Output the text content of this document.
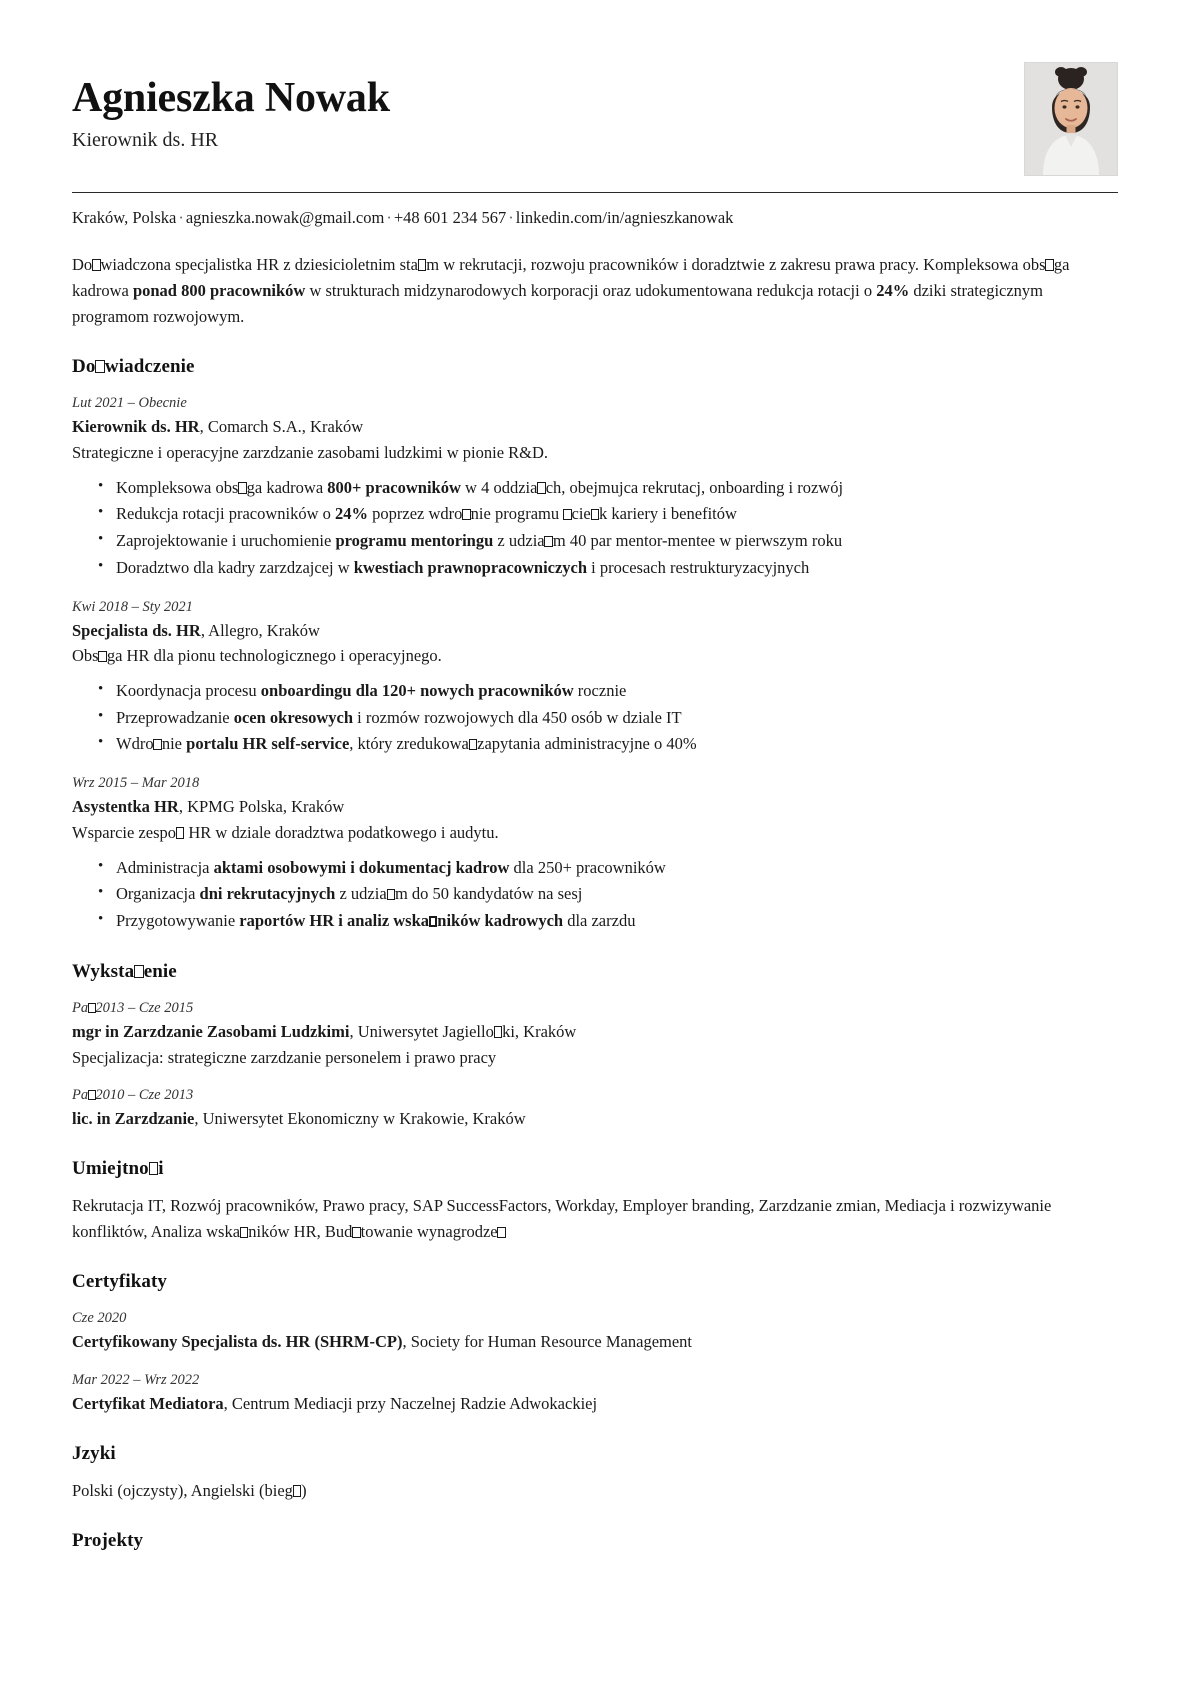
Agnieszka Nowak
Kierownik ds. HR
Kraków, Polska · agnieszka.nowak@gmail.com · +48 601 234 567 · linkedin.com/in/agnieszkanowak
Do wiadczona specjalistka HR z dziesicioletnim sta m w rekrutacji, rozwoju pracowników i doradztwie z zakresu prawa pracy. Kompleksowa obs ga kadrowa ponad 800 pracowników w strukturach midzynarodowych korporacji oraz udokumentowana redukcja rotacji o 24% dziki strategicznym programom rozwojowym.
Do wiadczenie
Lut 2021 – Obecnie
Kierownik ds. HR, Comarch S.A., Kraków
Strategiczne i operacyjne zarzdzanie zasobami ludzkimi w pionie R&D.
• Kompleksowa obs ga kadrowa 800+ pracowników w 4 oddzia ch, obejmujca rekrutacj, onboarding i rozwój
• Redukcja rotacji pracowników o 24% poprzez wdro nie programu cie k kariery i benefitów
• Zaprojektowanie i uruchomienie programu mentoringu z udzia m 40 par mentor-mentee w pierwszym roku
• Doradztwo dla kadry zarzdzajcej w kwestiach prawnopracowniczych i procesach restrukturyzacyjnych
Kwi 2018 – Sty 2021
Specjalista ds. HR, Allegro, Kraków
Obs ga HR dla pionu technologicznego i operacyjnego.
• Koordynacja procesu onboardingu dla 120+ nowych pracowników rocznie
• Przeprowadzanie ocen okresowych i rozmów rozwojowych dla 450 osób w dziale IT
• Wdro nie portalu HR self-service, który zredukowa zapytania administracyjne o 40%
Wrz 2015 – Mar 2018
Asystentka HR, KPMG Polska, Kraków
Wsparcie zespo HR w dziale doradztwa podatkowego i audytu.
• Administracja aktami osobowymi i dokumentacj kadrow dla 250+ pracowników
• Organizacja dni rekrutacyjnych z udzia m do 50 kandydatów na sesj
• Przygotowywanie raportów HR i analiz wska ników kadrowych dla zarzdu
Wyksta enie
Pa 2013 – Cze 2015
mgr in Zarzdzanie Zasobami Ludzkimi, Uniwersytet Jagiello ki, Kraków
Specjalizacja: strategiczne zarzdzanie personelem i prawo pracy
Pa 2010 – Cze 2013
lic. in Zarzdzanie, Uniwersytet Ekonomiczny w Krakowie, Kraków
Umiejtno i
Rekrutacja IT, Rozwój pracowników, Prawo pracy, SAP SuccessFactors, Workday, Employer branding, Zarzdzanie zmian, Mediacja i rozwizywanie konfliktów, Analiza wska ników HR, Bud towanie wynagrodze
Certyfikaty
Cze 2020
Certyfikowany Specjalista ds. HR (SHRM-CP), Society for Human Resource Management
Mar 2022 – Wrz 2022
Certyfikat Mediatora, Centrum Mediacji przy Naczelnej Radzie Adwokackiej
Jzyki
Polski (ojczysty), Angielski (bieg )
Projekty
